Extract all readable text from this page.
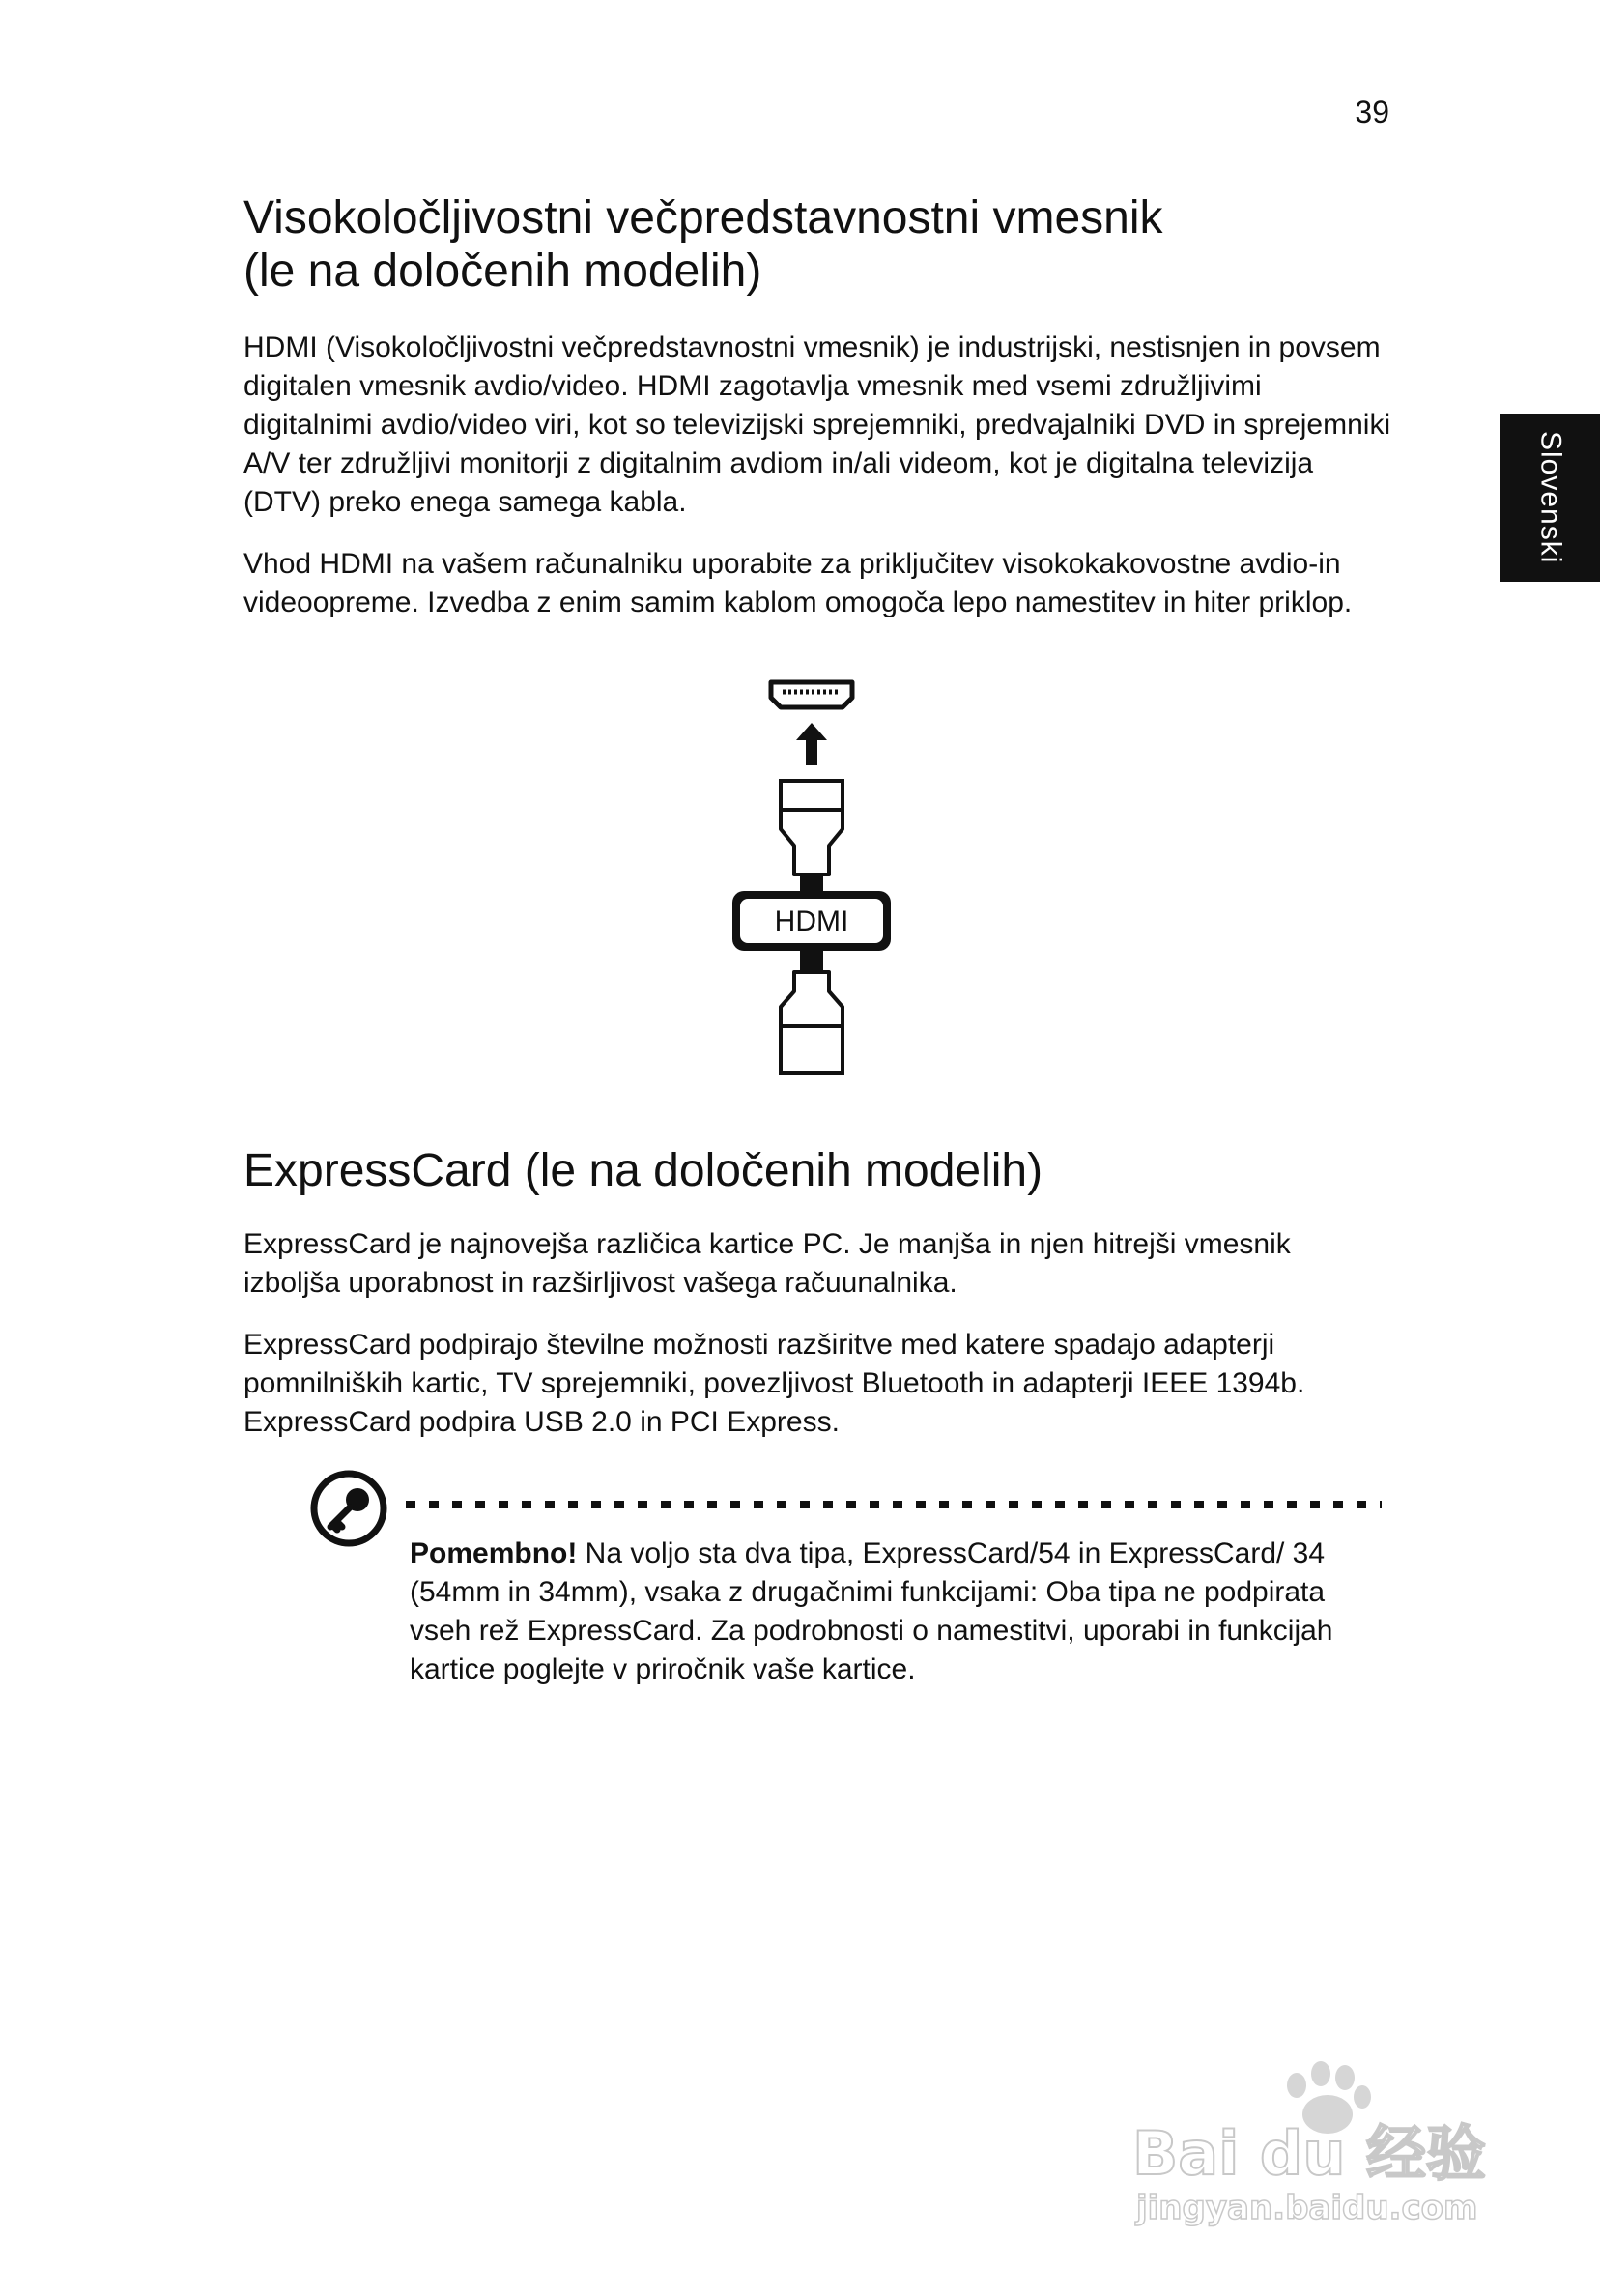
39
Slovenski
Visokoločljivostni večpredstavnostni vmesnik
(le na določenih modelih)

HDMI (Visokoločljivostni večpredstavnostni vmesnik) je industrijski, nestisnjen in povsem digitalen vmesnik avdio/video. HDMI zagotavlja vmesnik med vsemi združljivimi digitalnimi avdio/video viri, kot so televizijski sprejemniki, predvajalniki DVD in sprejemniki A/V ter združljivi monitorji z digitalnim avdiom in/ali videom, kot je digitalna televizija (DTV) preko enega samega kabla.

Vhod HDMI na vašem računalniku uporabite za priključitev visokokakovostne avdio-in videoopreme. Izvedba z enim samim kablom omogoča lepo namestitev in hiter priklop.

HDMI
ExpressCard (le na določenih modelih)

ExpressCard je najnovejša različica kartice PC. Je manjša in njen hitrejši vmesnik izboljša uporabnost in razširljivost vašega račuunalnika.

ExpressCard podpirajo številne možnosti razširitve med katere spadajo adapterji pomnilniških kartic, TV sprejemniki, povezljivost Bluetooth in adapterji IEEE 1394b. ExpressCard podpira USB 2.0 in PCI Express.

Pomembno! Na voljo sta dva tipa, ExpressCard/54 in ExpressCard/ 34 (54mm in 34mm), vsaka z drugačnimi funkcijami: Oba tipa ne podpirata vseh rež ExpressCard. Za podrobnosti o namestitvi, uporabi in funkcijah kartice poglejte v priročnik vaše kartice.

Bai du 经验
jingyan.baidu.com
